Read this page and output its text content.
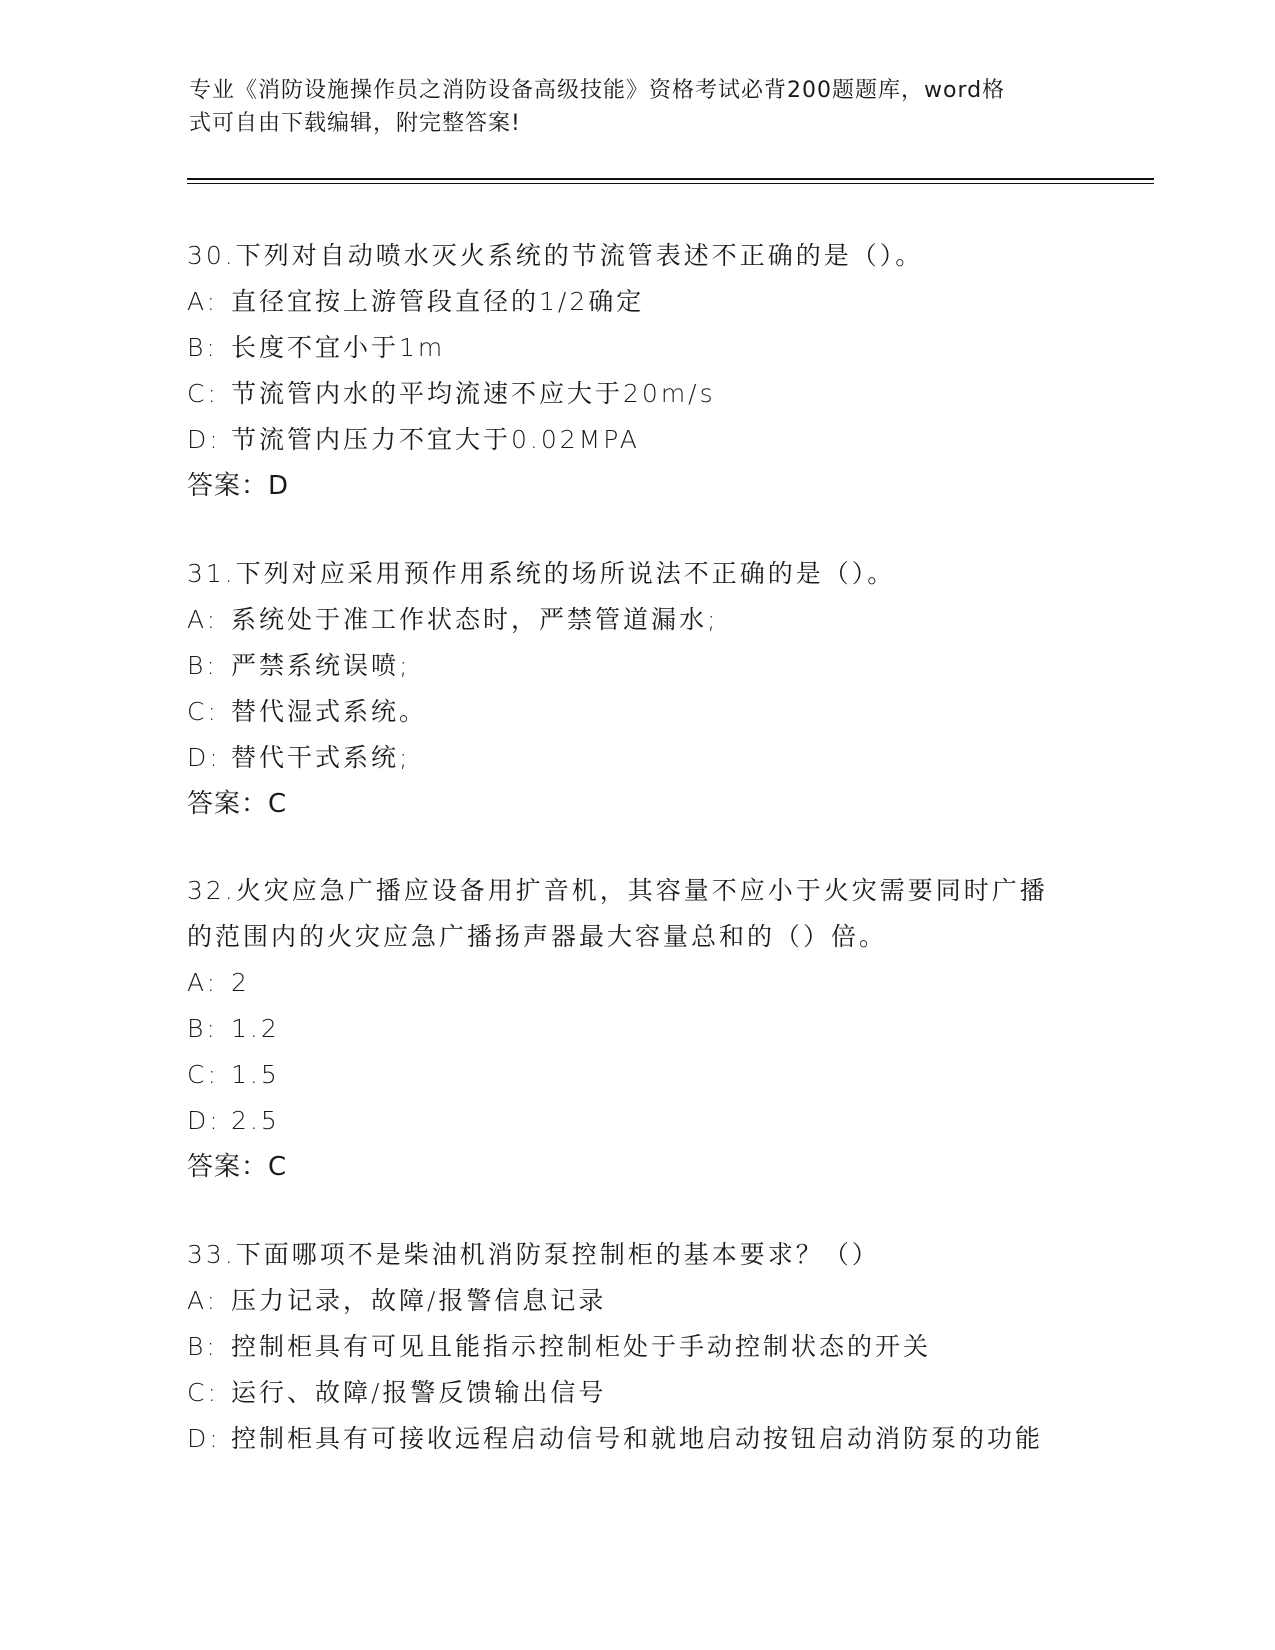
专业《消防设施操作员之消防设备高级技能》资格考试必背200题题库，word格
式可自由下载编辑，附完整答案!
30.下列对自动喷水灭火系统的节流管表述不正确的是（）。
A: 直径宜按上游管段直径的1/2确定
B: 长度不宜小于1m
C: 节流管内水的平均流速不应大于20m/s
D: 节流管内压力不宜大于0.02MPA
答案：D
31.下列对应采用预作用系统的场所说法不正确的是（）。
A: 系统处于准工作状态时，严禁管道漏水;
B: 严禁系统误喷;
C: 替代湿式系统。
D: 替代干式系统;
答案：C
32.火灾应急广播应设备用扩音机，其容量不应小于火灾需要同时广播
的范围内的火灾应急广播扬声器最大容量总和的（）倍。
A: 2
B: 1.2
C: 1.5
D: 2.5
答案：C
33.下面哪项不是柴油机消防泵控制柜的基本要求？（）
A: 压力记录，故障/报警信息记录
B: 控制柜具有可见且能指示控制柜处于手动控制状态的开关
C: 运行、故障/报警反馈输出信号
D: 控制柜具有可接收远程启动信号和就地启动按钮启动消防泵的功能
